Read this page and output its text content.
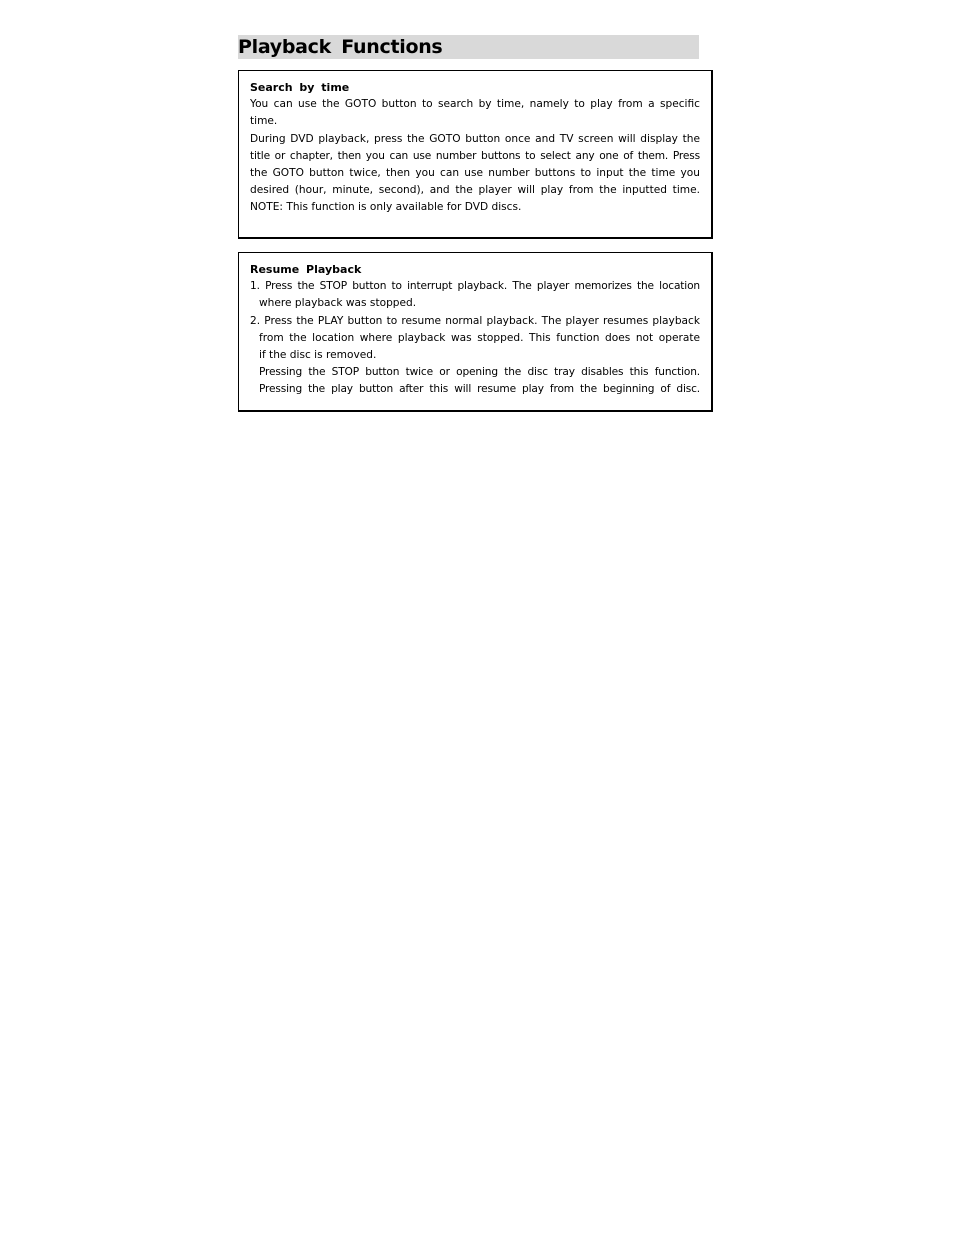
Playback Functions
Search by time
You can use the GOTO button to search by time, namely to play from a specific
time.
During DVD playback, press the GOTO button once and TV screen will display the
title or chapter, then you can use number buttons to select any one of them. Press
the GOTO button twice, then you can use number buttons to input the time you
desired (hour, minute, second), and the player will play from the inputted time.
NOTE: This function is only available for DVD discs.
Resume Playback
1. Press the STOP button to interrupt playback. The player memorizes the location
where playback was stopped.
2. Press the PLAY button to resume normal playback. The player resumes playback
from the location where playback was stopped. This function does not operate
if the disc is removed.
Pressing the STOP button twice or opening the disc tray disables this function.
Pressing the play button after this will resume play from the beginning of disc.
